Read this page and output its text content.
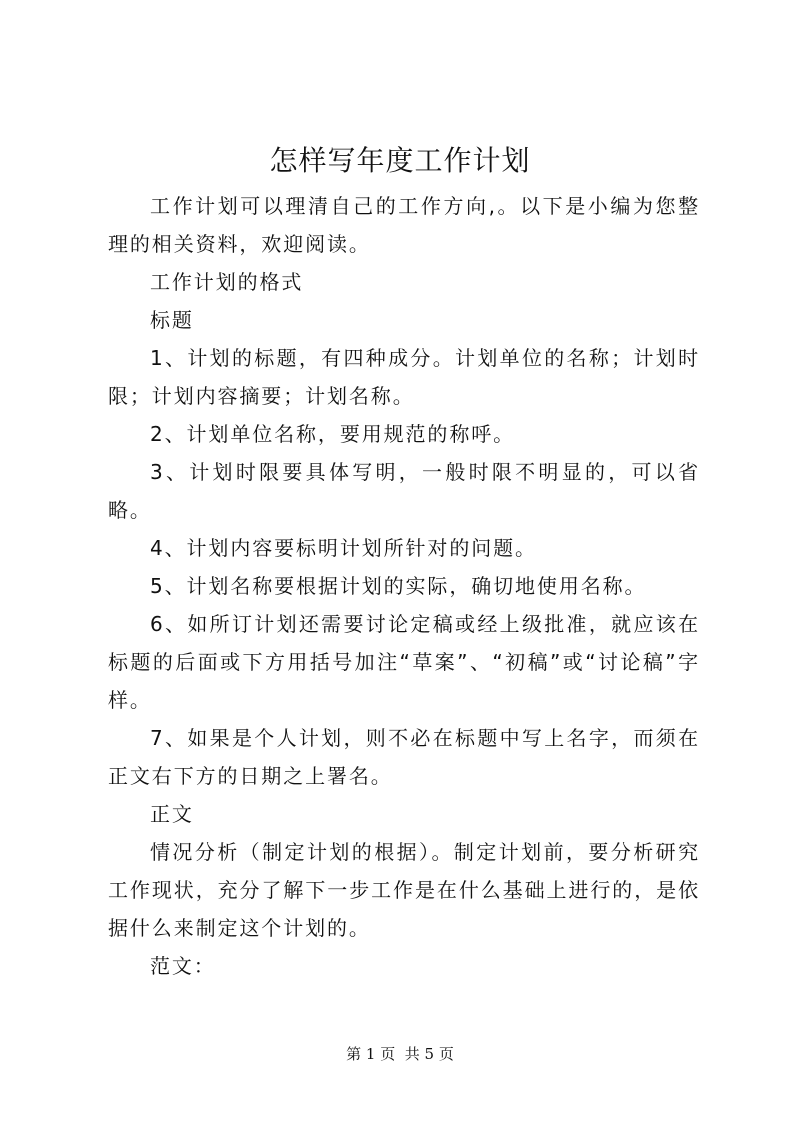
怎样写年度工作计划

工作计划可以理清自己的工作方向,。以下是小编为您整理的相关资料，欢迎阅读。

工作计划的格式

标题

1、计划的标题，有四种成分。计划单位的名称；计划时限；计划内容摘要；计划名称。

2、计划单位名称，要用规范的称呼。

3、计划时限要具体写明，一般时限不明显的，可以省略。

4、计划内容要标明计划所针对的问题。

5、计划名称要根据计划的实际，确切地使用名称。

6、如所订计划还需要讨论定稿或经上级批准，就应该在标题的后面或下方用括号加注“草案”、“初稿”或“讨论稿”字样。

7、如果是个人计划，则不必在标题中写上名字，而须在正文右下方的日期之上署名。

正文

情况分析（制定计划的根据）。制定计划前，要分析研究工作现状，充分了解下一步工作是在什么基础上进行的，是依据什么来制定这个计划的。

范文：

第 1 页  共 5 页
